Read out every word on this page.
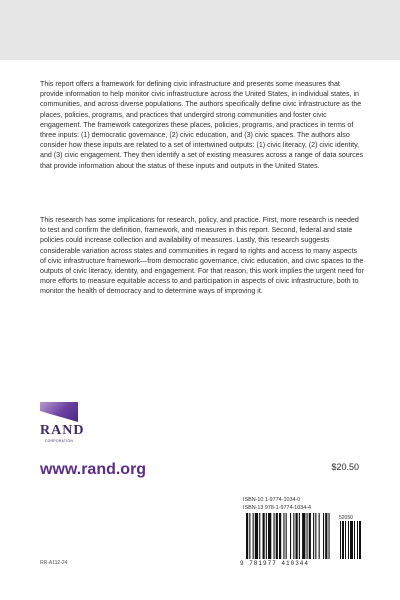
This report offers a framework for defining civic infrastructure and presents some measures that provide information to help monitor civic infrastructure across the United States, in individual states, in communities, and across diverse populations. The authors specifically define civic infrastructure as the places, policies, programs, and practices that undergird strong communities and foster civic engagement. The framework categorizes these places, policies, programs, and practices in terms of three inputs: (1) democratic governance, (2) civic education, and (3) civic spaces. The authors also consider how these inputs are related to a set of intertwined outputs: (1) civic literacy, (2) civic identity, and (3) civic engagement. They then identify a set of existing measures across a range of data sources that provide information about the status of these inputs and outputs in the United States.

This research has some implications for research, policy, and practice. First, more research is needed to test and confirm the definition, framework, and measures in this report. Second, federal and state policies could increase collection and availability of measures. Lastly, this research suggests considerable variation across states and communities in regard to rights and access to many aspects of civic infrastructure framework—from democratic governance, civic education, and civic spaces to the outputs of civic literacy, identity, and engagement. For that reason, this work implies the urgent need for more efforts to measure equitable access to and participation in aspects of civic infrastructure, both to monitor the health of democracy and to determine ways of improving it.

RAND
CORPORATION

www.rand.org	$20.50

ISBN-10 1-9774-1034-0
ISBN-13 978-1-9774-1034-4
52050
9 781977 410344
RR-A112-24
